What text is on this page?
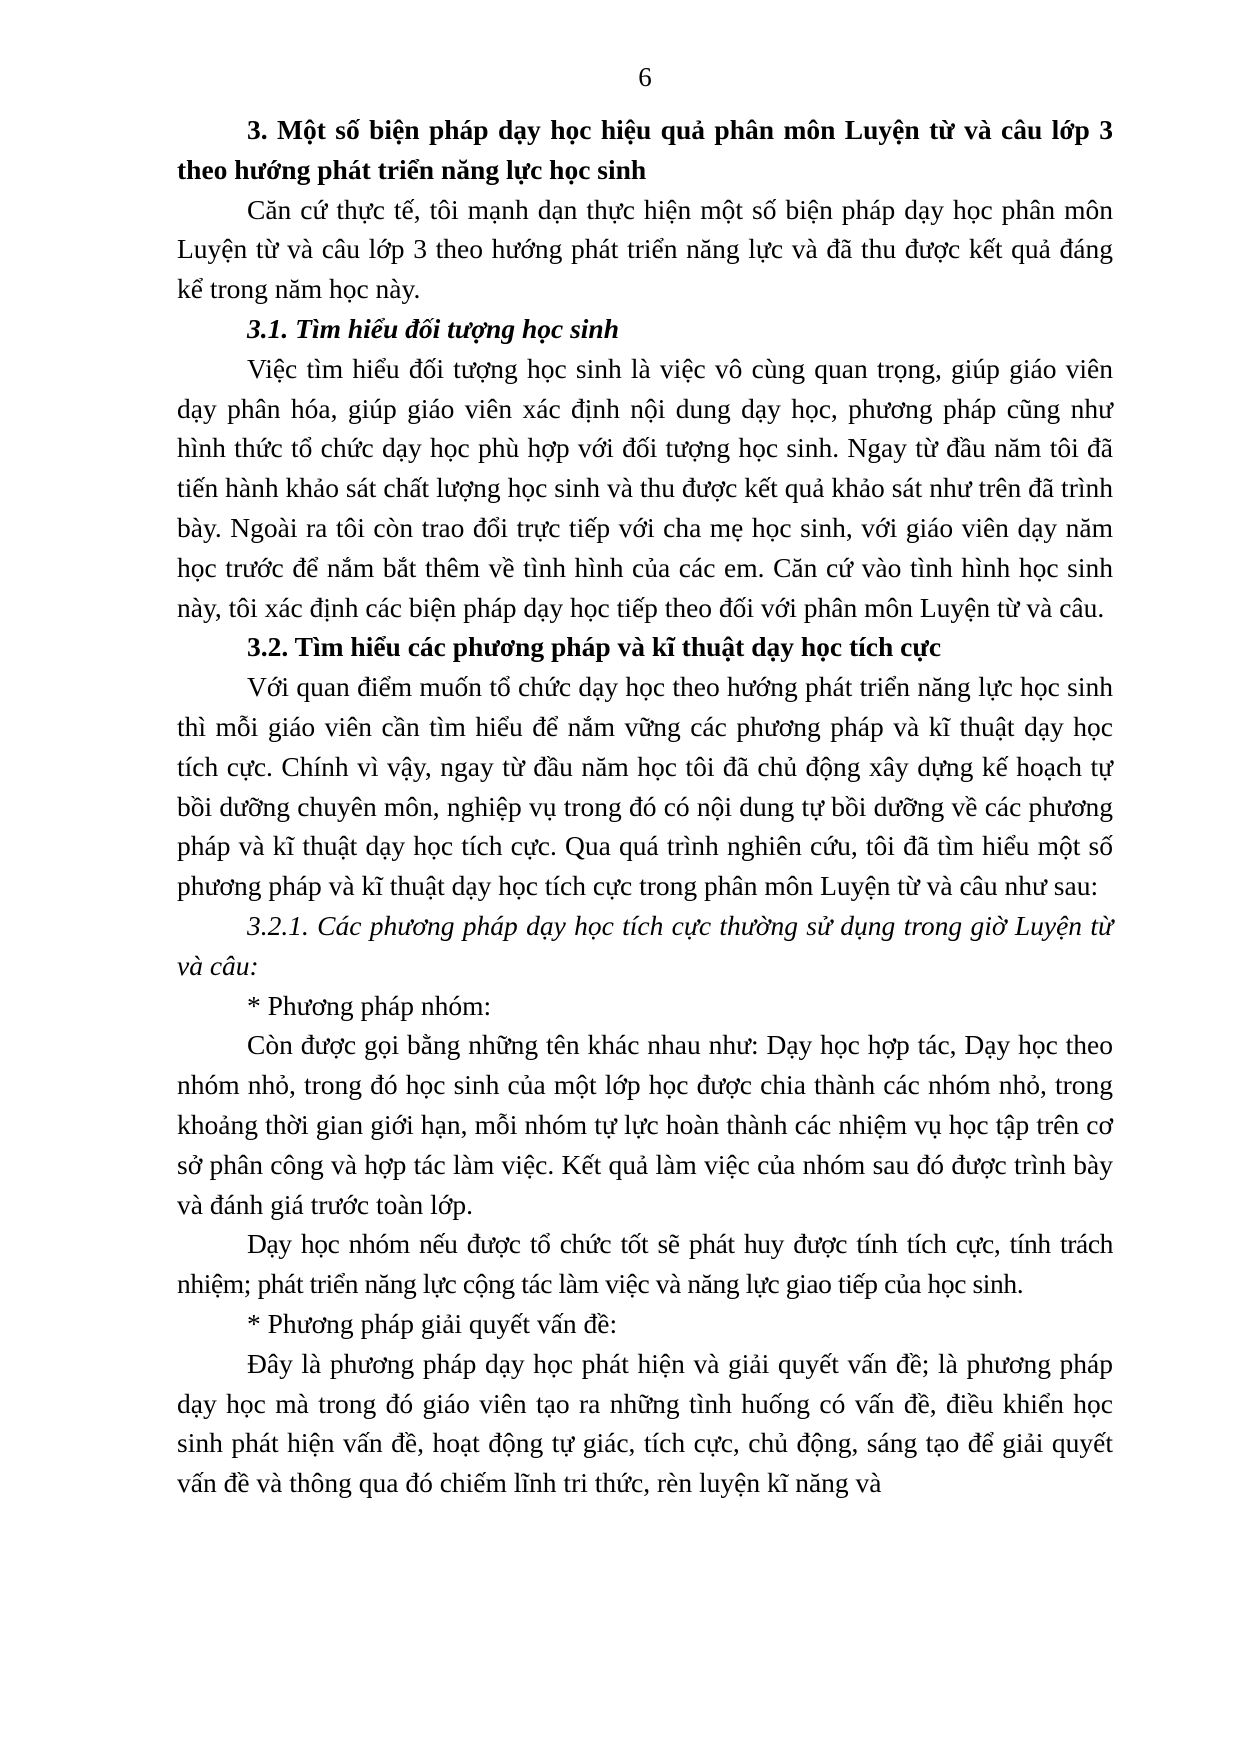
6

3. Một số biện pháp dạy học hiệu quả phân môn Luyện từ và câu lớp 3 theo hướng phát triển năng lực học sinh

Căn cứ thực tế, tôi mạnh dạn thực hiện một số biện pháp dạy học phân môn Luyện từ và câu lớp 3 theo hướng phát triển năng lực và đã thu được kết quả đáng kể trong năm học này.

3.1. Tìm hiểu đối tượng học sinh

Việc tìm hiểu đối tượng học sinh là việc vô cùng quan trọng, giúp giáo viên dạy phân hóa, giúp giáo viên xác định nội dung dạy học, phương pháp cũng như hình thức tổ chức dạy học phù hợp với đối tượng học sinh. Ngay từ đầu năm tôi đã tiến hành khảo sát chất lượng học sinh và thu được kết quả khảo sát như trên đã trình bày. Ngoài ra tôi còn trao đổi trực tiếp với cha mẹ học sinh, với giáo viên dạy năm học trước để nắm bắt thêm về tình hình của các em. Căn cứ vào tình hình học sinh này, tôi xác định các biện pháp dạy học tiếp theo đối với phân môn Luyện từ và câu.

3.2. Tìm hiểu các phương pháp và kĩ thuật dạy học tích cực

Với quan điểm muốn tổ chức dạy học theo hướng phát triển năng lực học sinh thì mỗi giáo viên cần tìm hiểu để nắm vững các phương pháp và kĩ thuật dạy học tích cực. Chính vì vậy, ngay từ đầu năm học tôi đã chủ động xây dựng kế hoạch tự bồi dưỡng chuyên môn, nghiệp vụ trong đó có nội dung tự bồi dưỡng về các phương pháp và kĩ thuật dạy học tích cực. Qua quá trình nghiên cứu, tôi đã tìm hiểu một số phương pháp và kĩ thuật dạy học tích cực trong phân môn Luyện từ và câu như sau:

3.2.1. Các phương pháp dạy học tích cực thường sử dụng trong giờ Luyện từ và câu:

* Phương pháp nhóm:

Còn được gọi bằng những tên khác nhau như: Dạy học hợp tác, Dạy học theo nhóm nhỏ, trong đó học sinh của một lớp học được chia thành các nhóm nhỏ, trong khoảng thời gian giới hạn, mỗi nhóm tự lực hoàn thành các nhiệm vụ học tập trên cơ sở phân công và hợp tác làm việc. Kết quả làm việc của nhóm sau đó được trình bày và đánh giá trước toàn lớp.

Dạy học nhóm nếu được tổ chức tốt sẽ phát huy được tính tích cực, tính trách nhiệm; phát triển năng lực cộng tác làm việc và năng lực giao tiếp của học sinh.

* Phương pháp giải quyết vấn đề:

Đây là phương pháp dạy học phát hiện và giải quyết vấn đề; là phương pháp dạy học mà trong đó giáo viên tạo ra những tình huống có vấn đề, điều khiển học sinh phát hiện vấn đề, hoạt động tự giác, tích cực, chủ động, sáng tạo để giải quyết vấn đề và thông qua đó chiếm lĩnh tri thức, rèn luyện kĩ năng và
